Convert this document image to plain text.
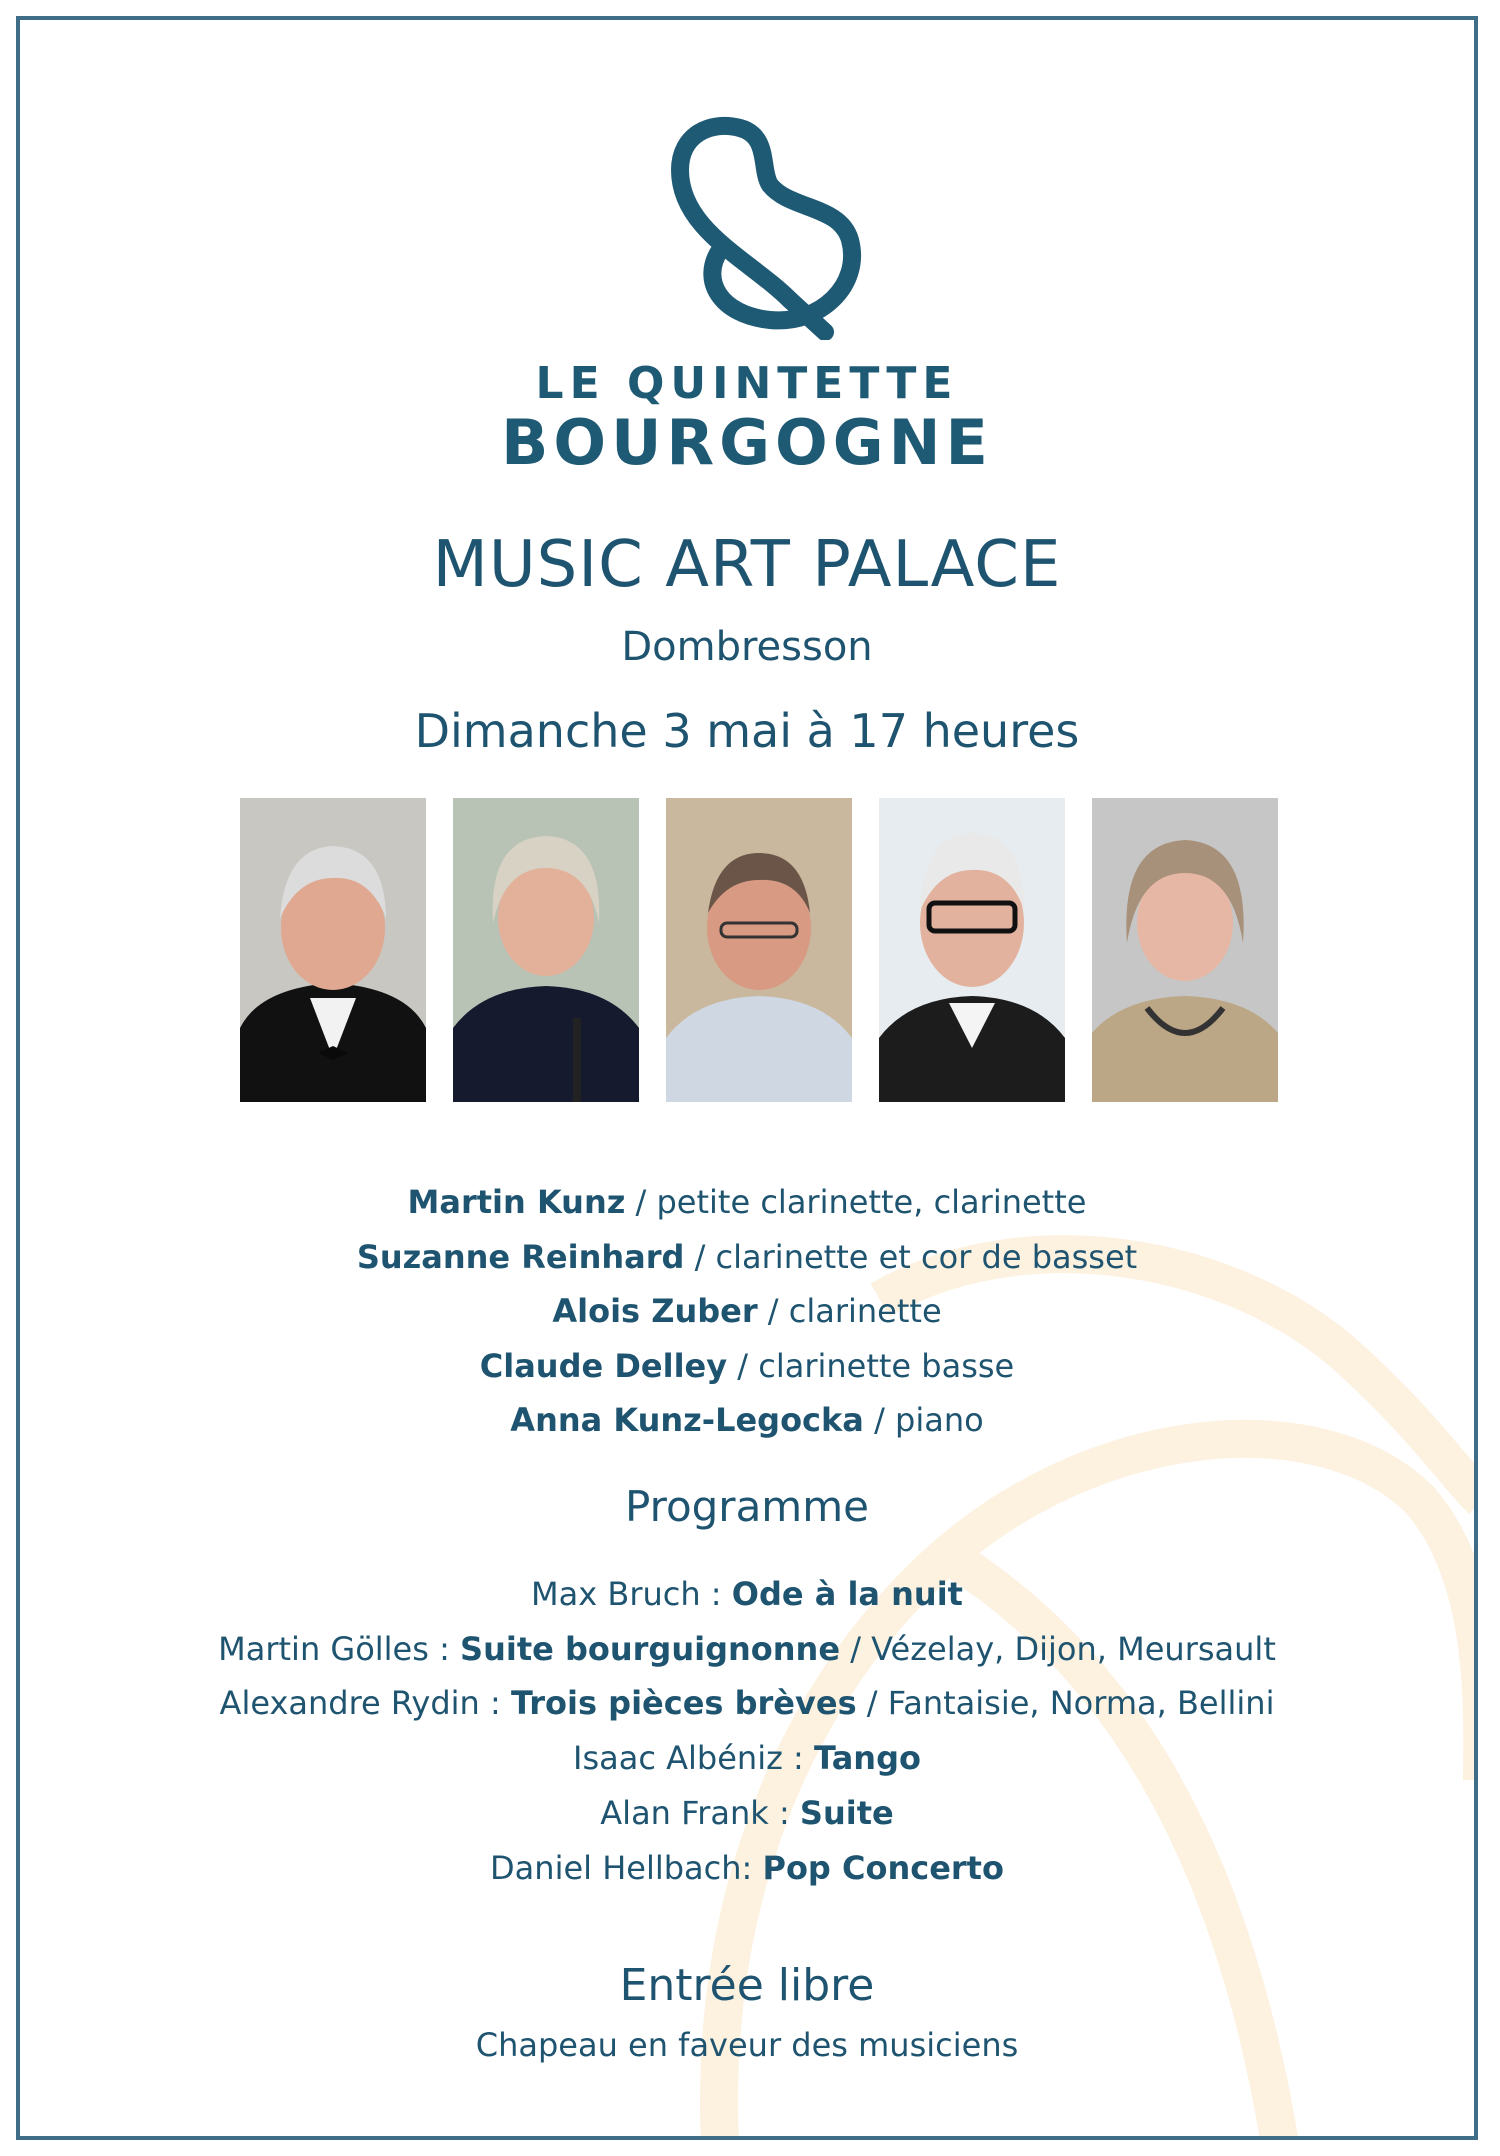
LE QUINTETTE
BOURGOGNE
MUSIC ART PALACE
Dombresson
Dimanche 3 mai à 17 heures
Martin Kunz / petite clarinette, clarinette
Suzanne Reinhard / clarinette et cor de basset
Alois Zuber / clarinette
Claude Delley / clarinette basse
Anna Kunz-Legocka / piano
Programme
Max Bruch : Ode à la nuit
Martin Gölles : Suite bourguignonne / Vézelay, Dijon, Meursault
Alexandre Rydin : Trois pièces brèves / Fantaisie, Norma, Bellini
Isaac Albéniz : Tango
Alan Frank : Suite
Daniel Hellbach: Pop Concerto
Entrée libre
Chapeau en faveur des musiciens
